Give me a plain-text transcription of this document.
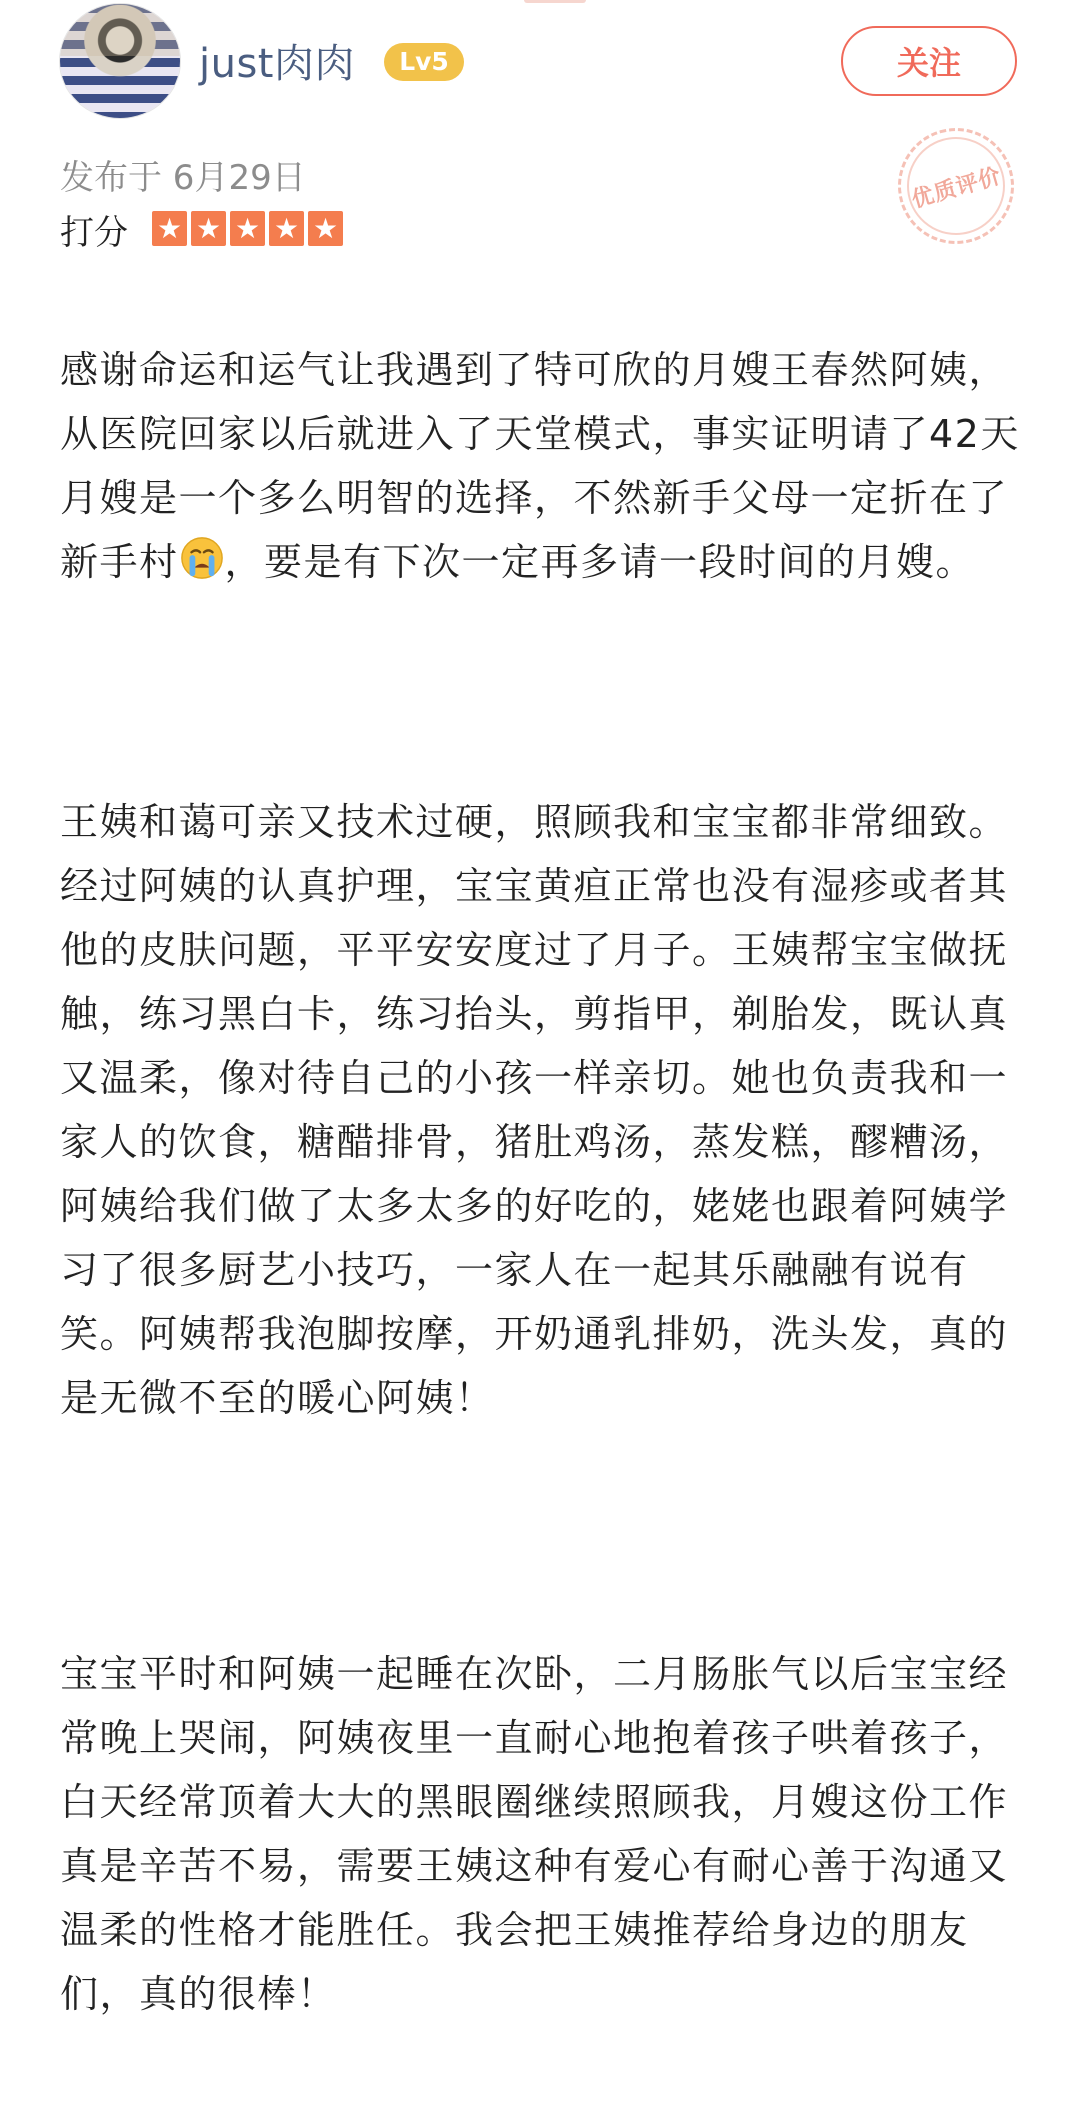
just肉肉	Lv5	关注
发布于 6月29日
打分 ★ ★ ★ ★ ★
优质评价

感谢命运和运气让我遇到了特可欣的月嫂王春然阿姨，从医院回家以后就进入了天堂模式，事实证明请了42天月嫂是一个多么明智的选择，不然新手父母一定折在了新手村 ，要是有下次一定再多请一段时间的月嫂。

王姨和蔼可亲又技术过硬，照顾我和宝宝都非常细致。经过阿姨的认真护理，宝宝黄疸正常也没有湿疹或者其他的皮肤问题，平平安安度过了月子。王姨帮宝宝做抚触，练习黑白卡，练习抬头，剪指甲，剃胎发，既认真又温柔，像对待自己的小孩一样亲切。她也负责我和一家人的饮食，糖醋排骨，猪肚鸡汤，蒸发糕，醪糟汤，阿姨给我们做了太多太多的好吃的，姥姥也跟着阿姨学习了很多厨艺小技巧，一家人在一起其乐融融有说有笑。阿姨帮我泡脚按摩，开奶通乳排奶，洗头发，真的是无微不至的暖心阿姨！

宝宝平时和阿姨一起睡在次卧，二月肠胀气以后宝宝经常晚上哭闹，阿姨夜里一直耐心地抱着孩子哄着孩子，白天经常顶着大大的黑眼圈继续照顾我，月嫂这份工作真是辛苦不易，需要王姨这种有爱心有耐心善于沟通又温柔的性格才能胜任。我会把王姨推荐给身边的朋友们，真的很棒！
